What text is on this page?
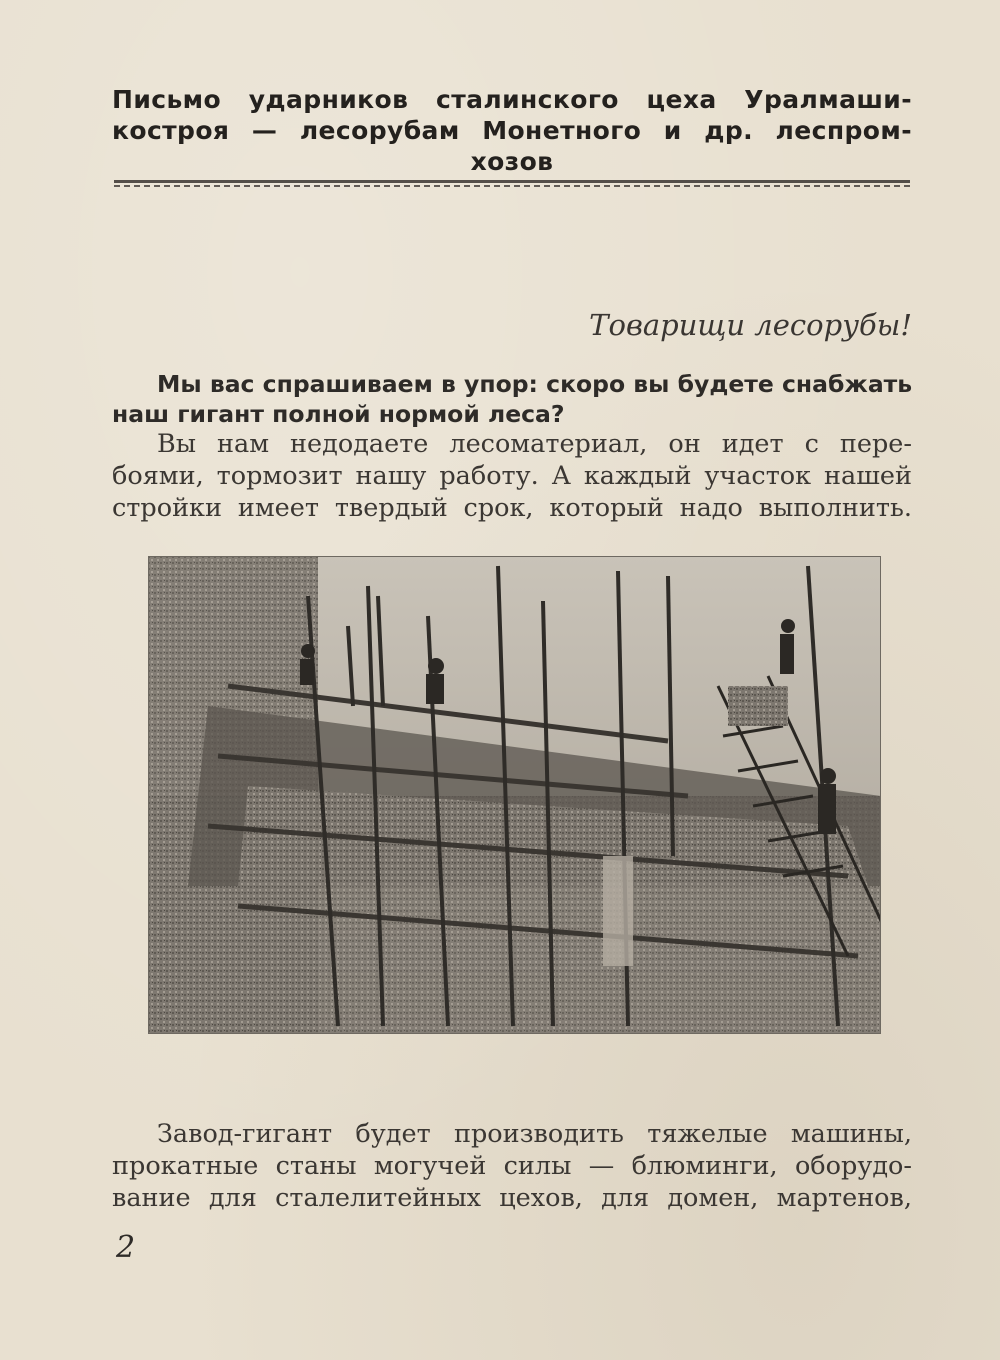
Письмо ударников сталинского цеха Уралмаши-
костроя — лесорубам Монетного и др. леспром-
хозов
Товарищи лесорубы!
Мы вас спрашиваем в упор: скоро вы будете снабжать
наш гигант полной нормой леса?
Вы нам недодаете лесоматериал, он идет с пере-
боями, тормозит нашу работу. А каждый участок нашей
стройки имеет твердый срок, который надо выполнить.
Завод-гигант будет производить тяжелые машины,
прокатные станы могучей силы — блюминги, оборудо-
вание для сталелитейных цехов, для домен, мартенов,
2
